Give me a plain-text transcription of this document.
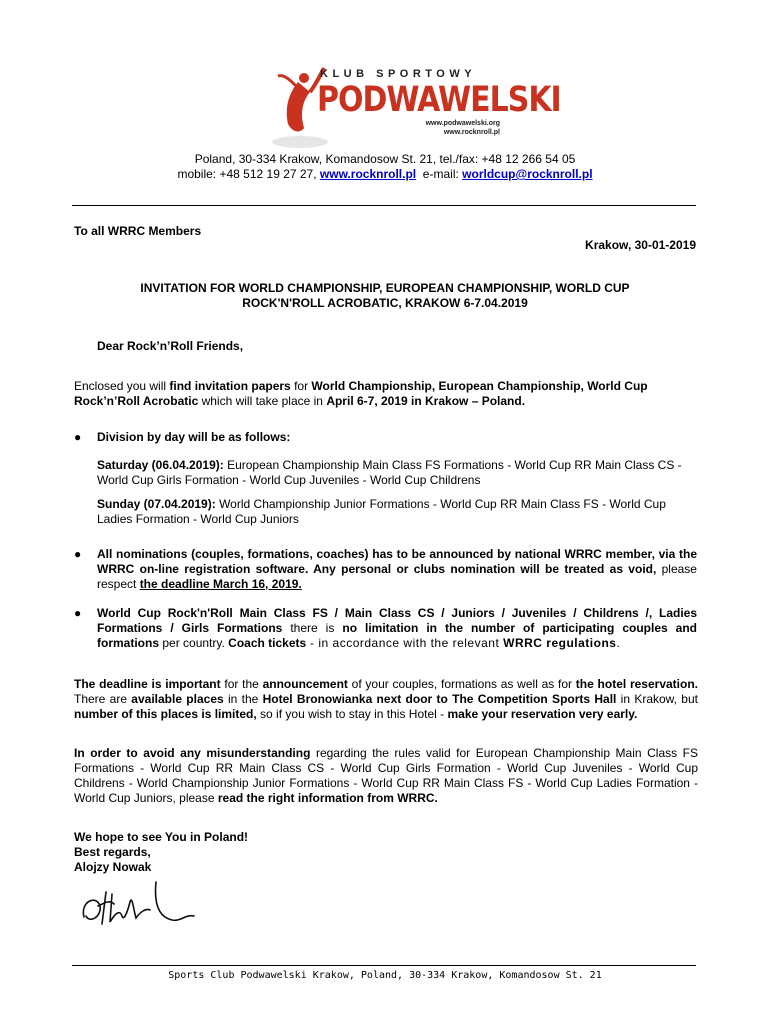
KLUB SPORTOWY
PODWAWELSKI
www.podwawelski.org
www.rocknroll.pl
Poland, 30-334 Krakow, Komandosow St. 21, tel./fax: +48 12 266 54 05
mobile: +48 512 19 27 27, www.rocknroll.pl  e-mail: worldcup@rocknroll.pl
To all WRRC Members
Krakow, 30-01-2019
INVITATION FOR WORLD CHAMPIONSHIP, EUROPEAN CHAMPIONSHIP, WORLD CUP
ROCK'N'ROLL ACROBATIC, KRAKOW 6-7.04.2019
Dear Rock’n’Roll Friends,
Enclosed you will find invitation papers for World Championship, European Championship, World Cup Rock’n’Roll Acrobatic which will take place in April 6-7, 2019 in Krakow – Poland.
● Division by day will be as follows:
Saturday (06.04.2019): European Championship Main Class FS Formations - World Cup RR Main Class CS - World Cup Girls Formation - World Cup Juveniles - World Cup Childrens
Sunday (07.04.2019): World Championship Junior Formations - World Cup RR Main Class FS - World Cup Ladies Formation - World Cup Juniors
● All nominations (couples, formations, coaches) has to be announced by national WRRC member, via the WRRC on-line registration software. Any personal or clubs nomination will be treated as void, please respect the deadline March 16, 2019.
● World Cup Rock'n'Roll Main Class FS / Main Class CS / Juniors / Juveniles / Childrens /, Ladies Formations / Girls Formations there is no limitation in the number of participating couples and formations per country. Coach tickets - in accordance with the relevant WRRC regulations.
The deadline is important for the announcement of your couples, formations as well as for the hotel reservation. There are available places in the Hotel Bronowianka next door to The Competition Sports Hall in Krakow, but number of this places is limited, so if you wish to stay in this Hotel - make your reservation very early.
In order to avoid any misunderstanding regarding the rules valid for European Championship Main Class FS Formations - World Cup RR Main Class CS - World Cup Girls Formation - World Cup Juveniles - World Cup Childrens - World Championship Junior Formations - World Cup RR Main Class FS - World Cup Ladies Formation - World Cup Juniors, please read the right information from WRRC.
We hope to see You in Poland!
Best regards,
Alojzy Nowak
Sports Club Podwawelski Krakow, Poland, 30-334 Krakow, Komandosow St. 21
